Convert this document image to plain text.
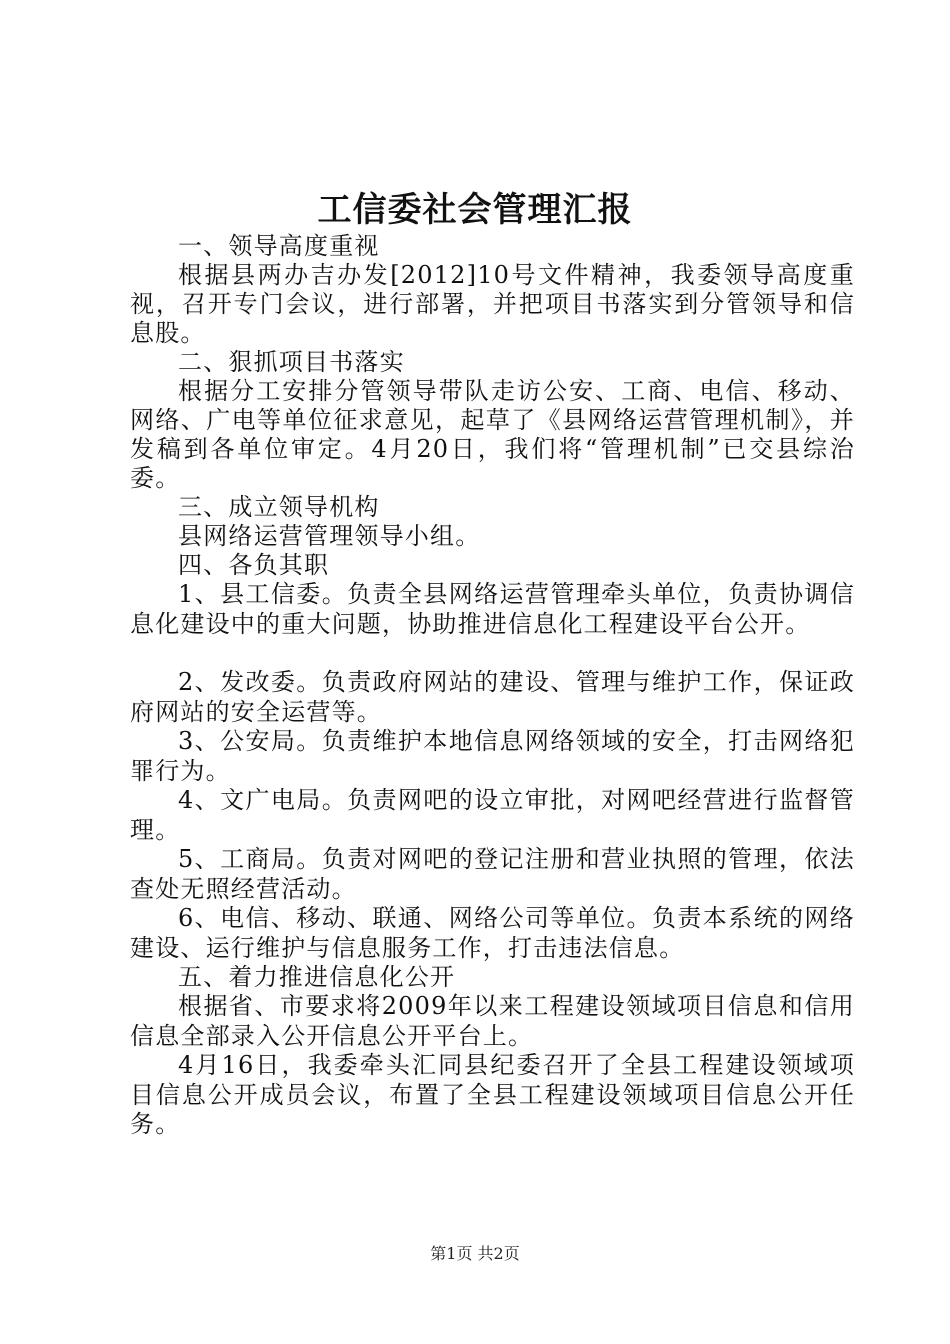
工信委社会管理汇报

一、领导高度重视

根据县两办吉办发[2012]10号文件精神，我委领导高度重视，召开专门会议，进行部署，并把项目书落实到分管领导和信息股。

二、狠抓项目书落实

根据分工安排分管领导带队走访公安、工商、电信、移动、网络、广电等单位征求意见，起草了《县网络运营管理机制》，并发稿到各单位审定。4月20日，我们将“管理机制”已交县综治委。

三、成立领导机构

县网络运营管理领导小组。

四、各负其职

1、县工信委。负责全县网络运营管理牵头单位，负责协调信息化建设中的重大问题，协助推进信息化工程建设平台公开。

2、发改委。负责政府网站的建设、管理与维护工作，保证政府网站的安全运营等。

3、公安局。负责维护本地信息网络领域的安全，打击网络犯罪行为。

4、文广电局。负责网吧的设立审批，对网吧经营进行监督管理。

5、工商局。负责对网吧的登记注册和营业执照的管理，依法查处无照经营活动。

6、电信、移动、联通、网络公司等单位。负责本系统的网络建设、运行维护与信息服务工作，打击违法信息。

五、着力推进信息化公开

根据省、市要求将2009年以来工程建设领域项目信息和信用信息全部录入公开信息公开平台上。

4月16日，我委牵头汇同县纪委召开了全县工程建设领域项目信息公开成员会议，布置了全县工程建设领域项目信息公开任务。

第1页 共2页
